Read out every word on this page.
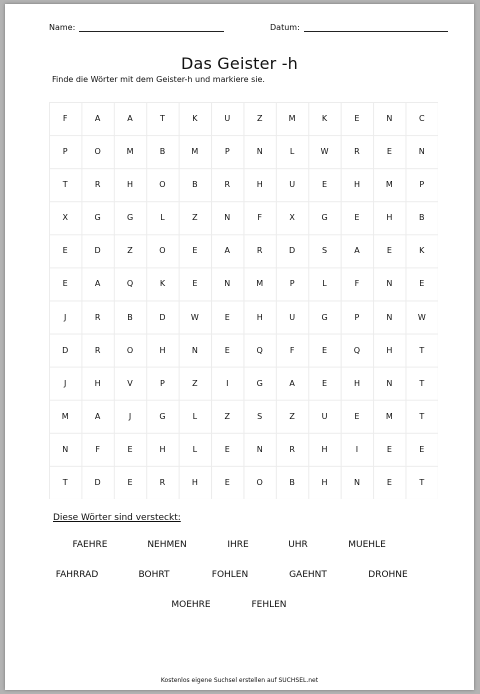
Name:	Datum:
Das Geister -h
Finde die Wörter mit dem Geister-h und markiere sie.
F	A	A	T	K	U	Z	M	K	E	N	C
P	O	M	B	M	P	N	L	W	R	E	N
T	R	H	O	B	R	H	U	E	H	M	P
X	G	G	L	Z	N	F	X	G	E	H	B
E	D	Z	O	E	A	R	D	S	A	E	K
E	A	Q	K	E	N	M	P	L	F	N	E
J	R	B	D	W	E	H	U	G	P	N	W
D	R	O	H	N	E	Q	F	E	Q	H	T
J	H	V	P	Z	I	G	A	E	H	N	T
M	A	J	G	L	Z	S	Z	U	E	M	T
N	F	E	H	L	E	N	R	H	I	E	E
T	D	E	R	H	E	O	B	H	N	E	T
Diese Wörter sind versteckt:
FAEHRE	NEHMEN	IHRE	UHR	MUEHLE
FAHRRAD	BOHRT	FOHLEN	GAEHNT	DROHNE
MOEHRE	FEHLEN
Kostenlos eigene Suchsel erstellen auf SUCHSEL.net
